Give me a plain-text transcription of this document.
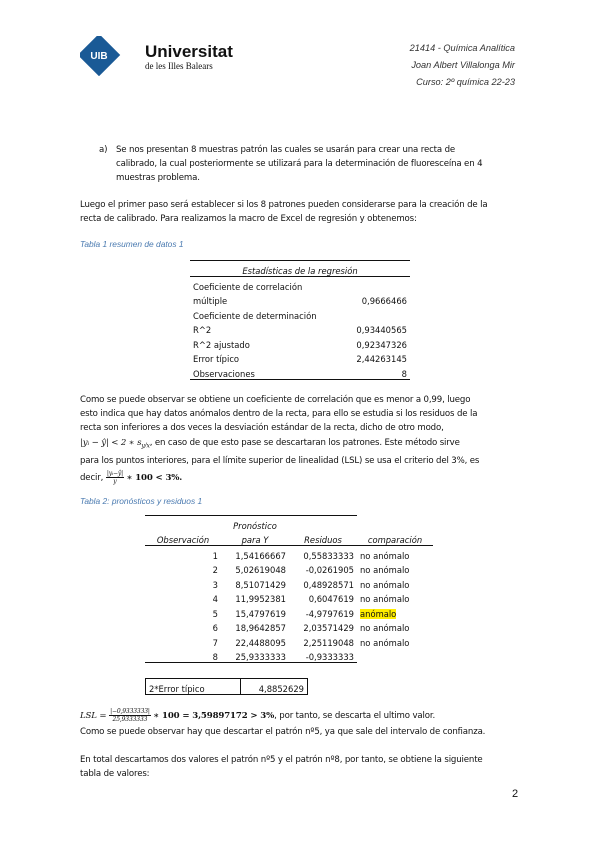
UIB Universitat
de les Illes Balears
21414 - Química Analítica
Joan Albert Villalonga Mir
Curso: 2º química 22-23
a) Se nos presentan 8 muestras patrón las cuales se usarán para crear una recta de
calibrado, la cual posteriormente se utilizará para la determinación de fluoresceína en 4
muestras problema.
Luego el primer paso será establecer si los 8 patrones pueden considerarse para la creación de la
recta de calibrado. Para realizamos la macro de Excel de regresión y obtenemos:
Tabla 1 resumen de datos 1
Estadísticas de la regresión	
Coeficiente de correlación	
múltiple	0,9666466
Coeficiente de determinación	
R^2	0,93440565
R^2 ajustado	0,92347326
Error típico	2,44263145
Observaciones	8
Como se puede observar se obtiene un coeficiente de correlación que es menor a 0,99, luego
esto indica que hay datos anómalos dentro de la recta, para ello se estudia si los residuos de la
recta son inferiores a dos veces la desviación estándar de la recta, dicho de otro modo,
|yᵢ − ŷ| < 2 ∗ $s_{y/x}$, en caso de que esto pase se descartaran los patrones. Este método sirve
para los puntos interiores, para el límite superior de linealidad (LSL) se usa el criterio del 3%, es
decir, $\frac{\text{|yᵢ−ŷ|}}{y}$ ∗ 100 < 3%.
Tabla 2: pronósticos y residuos 1
	Pronóstico		
Observación	para Y	Residuos	comparación
1	1,54166667	0,55833333	no anómalo
2	5,02619048	-0,0261905	no anómalo
3	8,51071429	0,48928571	no anómalo
4	11,9952381	0,6047619	no anómalo
5	15,4797619	-4,9797619	anómalo
6	18,9642857	2,03571429	no anómalo
7	22,4488095	2,25119048	no anómalo
8	25,9333333	-0,9333333	
2*Error típico	4,8852629
LSL = $\frac{|-0,9333333|}{25,9333333}$ ∗ 100 = 3,59897172 > 3%, por tanto, se descarta el ultimo valor.
Como se puede observar hay que descartar el patrón nº5, ya que sale del intervalo de confianza.
En total descartamos dos valores el patrón nº5 y el patrón nº8, por tanto, se obtiene la siguiente
tabla de valores:
2
